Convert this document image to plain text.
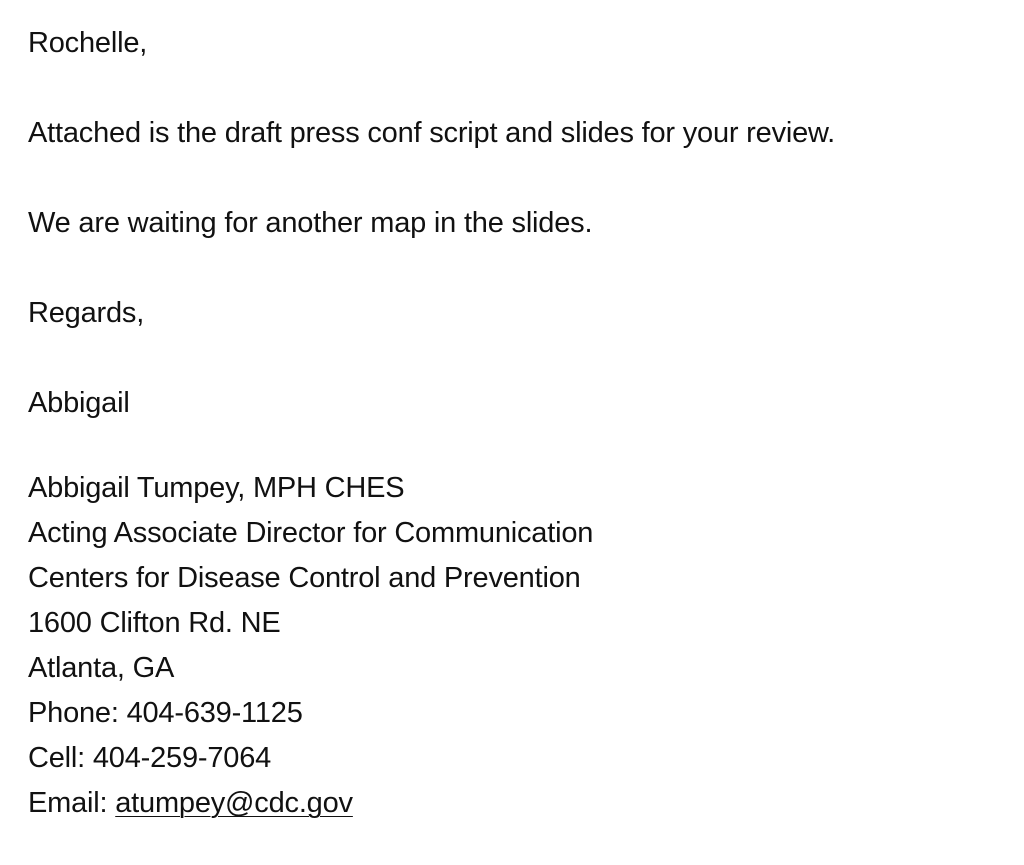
Rochelle,

Attached is the draft press conf script and slides for your review.

We are waiting for another map in the slides.

Regards,

Abbigail

Abbigail Tumpey, MPH CHES

Acting Associate Director for Communication

Centers for Disease Control and Prevention

1600 Clifton Rd. NE

Atlanta, GA

Phone: 404-639-1125

Cell: 404-259-7064

Email: atumpey@cdc.gov
